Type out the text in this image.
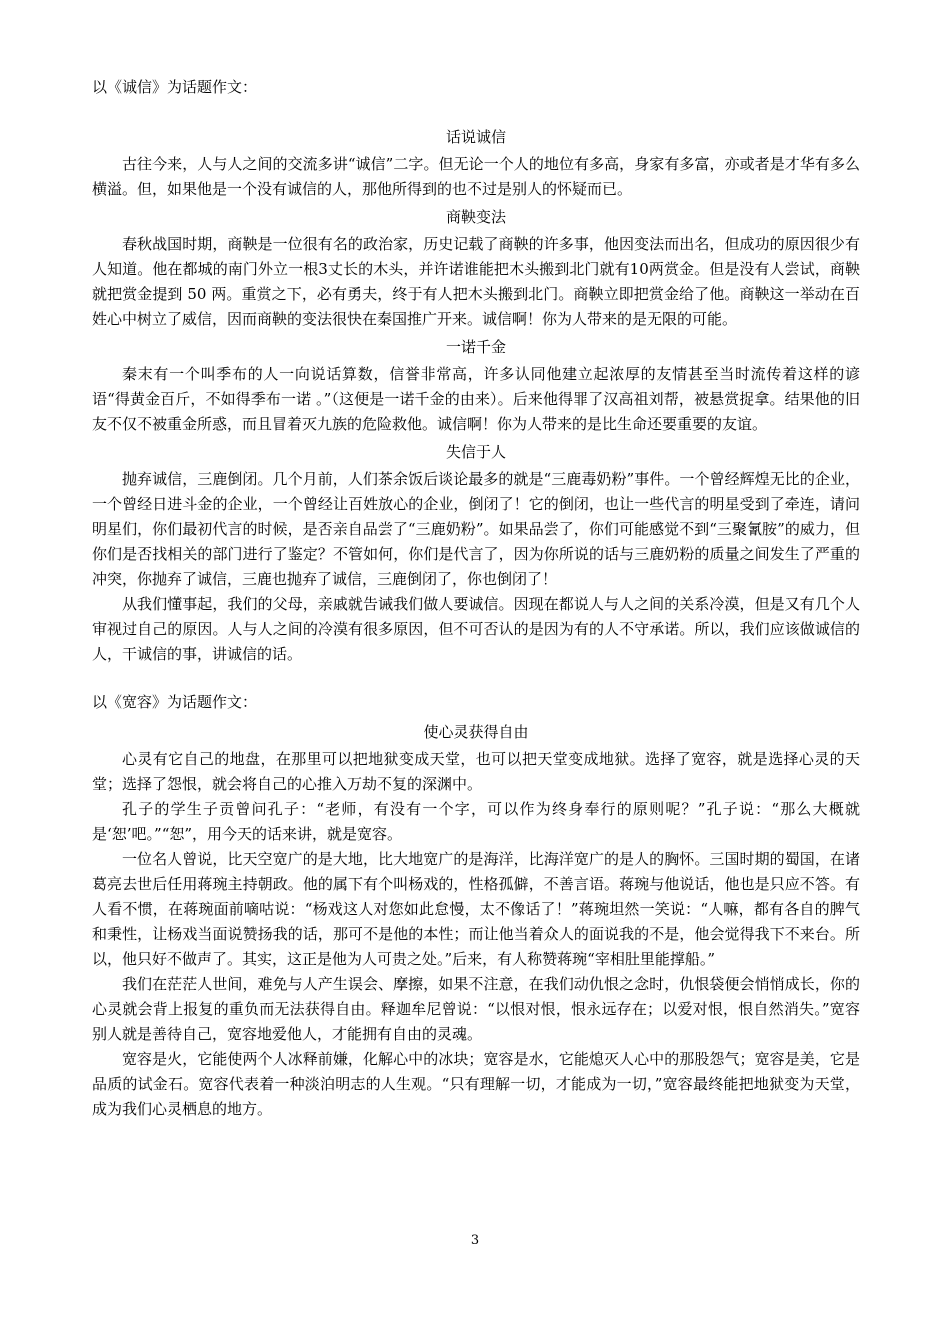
以《诚信》为话题作文：

话说诚信

古往今来，人与人之间的交流多讲“诚信”二字。但无论一个人的地位有多高，身家有多富，亦或者是才华有多么横溢。但，如果他是一个没有诚信的人，那他所得到的也不过是别人的怀疑而已。

商鞅变法

春秋战国时期，商鞅是一位很有名的政治家，历史记载了商鞅的许多事，他因变法而出名，但成功的原因很少有人知道。他在都城的南门外立一根3丈长的木头，并许诺谁能把木头搬到北门就有10两赏金。但是没有人尝试，商鞅就把赏金提到 50 两。重赏之下，必有勇夫，终于有人把木头搬到北门。商鞅立即把赏金给了他。商鞅这一举动在百姓心中树立了威信，因而商鞅的变法很快在秦国推广开来。诚信啊！你为人带来的是无限的可能。

一诺千金

秦末有一个叫季布的人一向说话算数，信誉非常高，许多认同他建立起浓厚的友情甚至当时流传着这样的谚语“得黄金百斤，不如得季布一诺 。”（这便是一诺千金的由来）。后来他得罪了汉高祖刘帮，被悬赏捉拿。结果他的旧友不仅不被重金所惑，而且冒着灭九族的危险救他。诚信啊！你为人带来的是比生命还要重要的友谊。

失信于人

抛弃诚信，三鹿倒闭。几个月前，人们茶余饭后谈论最多的就是“三鹿毒奶粉”事件。一个曾经辉煌无比的企业，一个曾经日进斗金的企业，一个曾经让百姓放心的企业，倒闭了！它的倒闭，也让一些代言的明星受到了牵连，请问明星们，你们最初代言的时候，是否亲自品尝了“三鹿奶粉”。如果品尝了，你们可能感觉不到“三聚氰胺”的威力，但你们是否找相关的部门进行了鉴定？不管如何，你们是代言了，因为你所说的话与三鹿奶粉的质量之间发生了严重的冲突，你抛弃了诚信，三鹿也抛弃了诚信，三鹿倒闭了，你也倒闭了！

从我们懂事起，我们的父母，亲戚就告诫我们做人要诚信。因现在都说人与人之间的关系冷漠，但是又有几个人审视过自己的原因。人与人之间的冷漠有很多原因，但不可否认的是因为有的人不守承诺。所以，我们应该做诚信的人，干诚信的事，讲诚信的话。

以《宽容》为话题作文：

使心灵获得自由

心灵有它自己的地盘，在那里可以把地狱变成天堂，也可以把天堂变成地狱。选择了宽容，就是选择心灵的天堂；选择了怨恨，就会将自己的心推入万劫不复的深渊中。

孔子的学生子贡曾问孔子：“老师，有没有一个字，可以作为终身奉行的原则呢？”孔子说：“那么大概就是‘恕’吧。”“恕”，用今天的话来讲，就是宽容。

一位名人曾说，比天空宽广的是大地，比大地宽广的是海洋，比海洋宽广的是人的胸怀。三国时期的蜀国，在诸葛亮去世后任用蒋琬主持朝政。他的属下有个叫杨戏的，性格孤僻，不善言语。蒋琬与他说话，他也是只应不答。有人看不惯，在蒋琬面前嘀咕说：“杨戏这人对您如此怠慢，太不像话了！”蒋琬坦然一笑说：“人嘛，都有各自的脾气和秉性，让杨戏当面说赞扬我的话，那可不是他的本性；而让他当着众人的面说我的不是，他会觉得我下不来台。所以，他只好不做声了。其实，这正是他为人可贵之处。”后来，有人称赞蒋琬“宰相肚里能撑船。”

我们在茫茫人世间，难免与人产生误会、摩擦，如果不注意，在我们动仇恨之念时，仇恨袋便会悄悄成长，你的心灵就会背上报复的重负而无法获得自由。释迦牟尼曾说：“以恨对恨，恨永远存在；以爱对恨，恨自然消失。”宽容别人就是善待自己，宽容地爱他人，才能拥有自由的灵魂。

宽容是火，它能使两个人冰释前嫌，化解心中的冰块；宽容是水，它能熄灭人心中的那股怨气；宽容是美，它是品质的试金石。宽容代表着一种淡泊明志的人生观。“只有理解一切，才能成为一切，”宽容最终能把地狱变为天堂，成为我们心灵栖息的地方。

3
